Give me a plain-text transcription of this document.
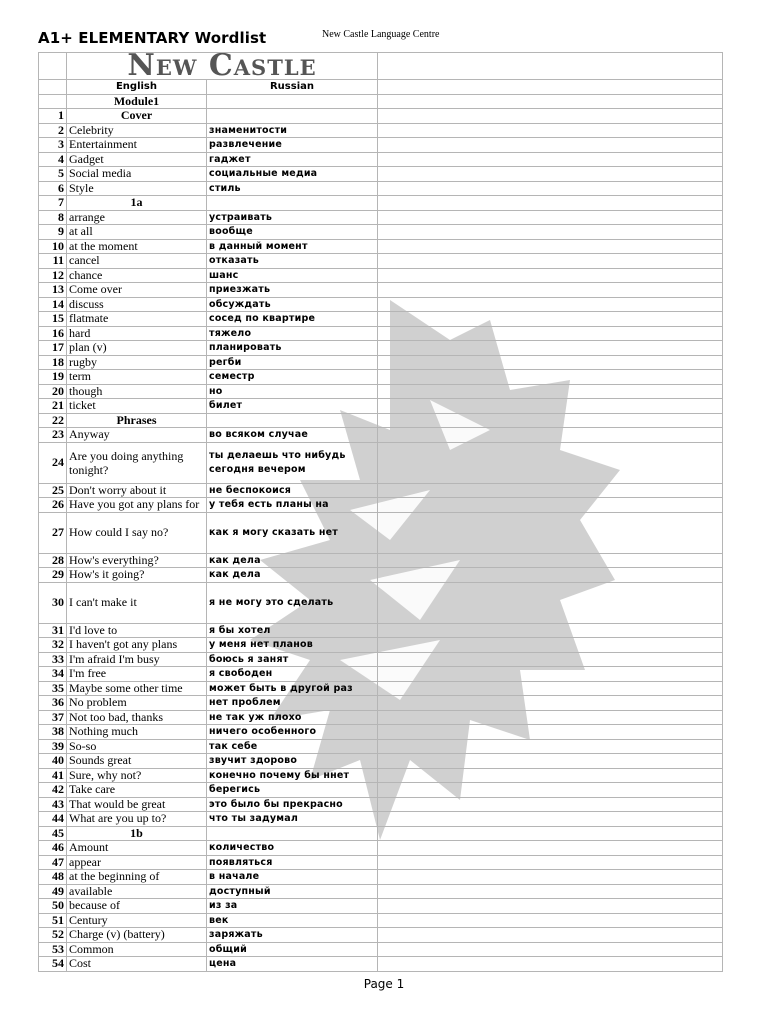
A1+ ELEMENTARY Wordlist	New Castle Language Centre
	New Castle		
	English	Russian	
	Module1		
1	Cover		
2	Celebrity	знаменитости	
3	Entertainment	развлечение	
4	Gadget	гаджет	
5	Social media	социальные медиа	
6	Style	стиль	
7	1a		
8	arrange	устраивать	
9	at all	вообще	
10	at the moment	в данный момент	
11	cancel	отказать	
12	chance	шанс	
13	Come over	приезжать	
14	discuss	обсуждать	
15	flatmate	сосед по квартире	
16	hard	тяжело	
17	plan (v)	планировать	
18	rugby	регби	
19	term	семестр	
20	though	но	
21	ticket	билет	
22	Phrases		
23	Anyway	во всяком случае	
24	Are you doing anything tonight?	ты делаешь что нибудь сегодня вечером	
25	Don't worry about it	не беспокоися	
26	Have you got any plans for	у тебя есть планы на	
27	How could I say no?	как я могу сказать нет	
28	How's everything?	как дела	
29	How's it going?	как дела	
30	I can't make it	я не могу это сделать	
31	I'd love to	я бы хотел	
32	I haven't got any plans	у меня нет планов	
33	I'm afraid I'm busy	боюсь я занят	
34	I'm free	я свободен	
35	Maybe some other time	может быть в другой раз	
36	No problem	нет проблем	
37	Not too bad, thanks	не так уж плохо	
38	Nothing much	ничего особенного	
39	So-so	так себе	
40	Sounds great	звучит здорово	
41	Sure, why not?	конечно почему бы ннет	
42	Take care	берегись	
43	That would be great	это было бы прекрасно	
44	What are you up to?	что ты задумал	
45	1b		
46	Amount	количество	
47	appear	появляться	
48	at the beginning of	в начале	
49	available	доступный	
50	because of	из за	
51	Century	век	
52	Charge (v) (battery)	заряжать	
53	Common	общий	
54	Cost	цена	
Page 1
